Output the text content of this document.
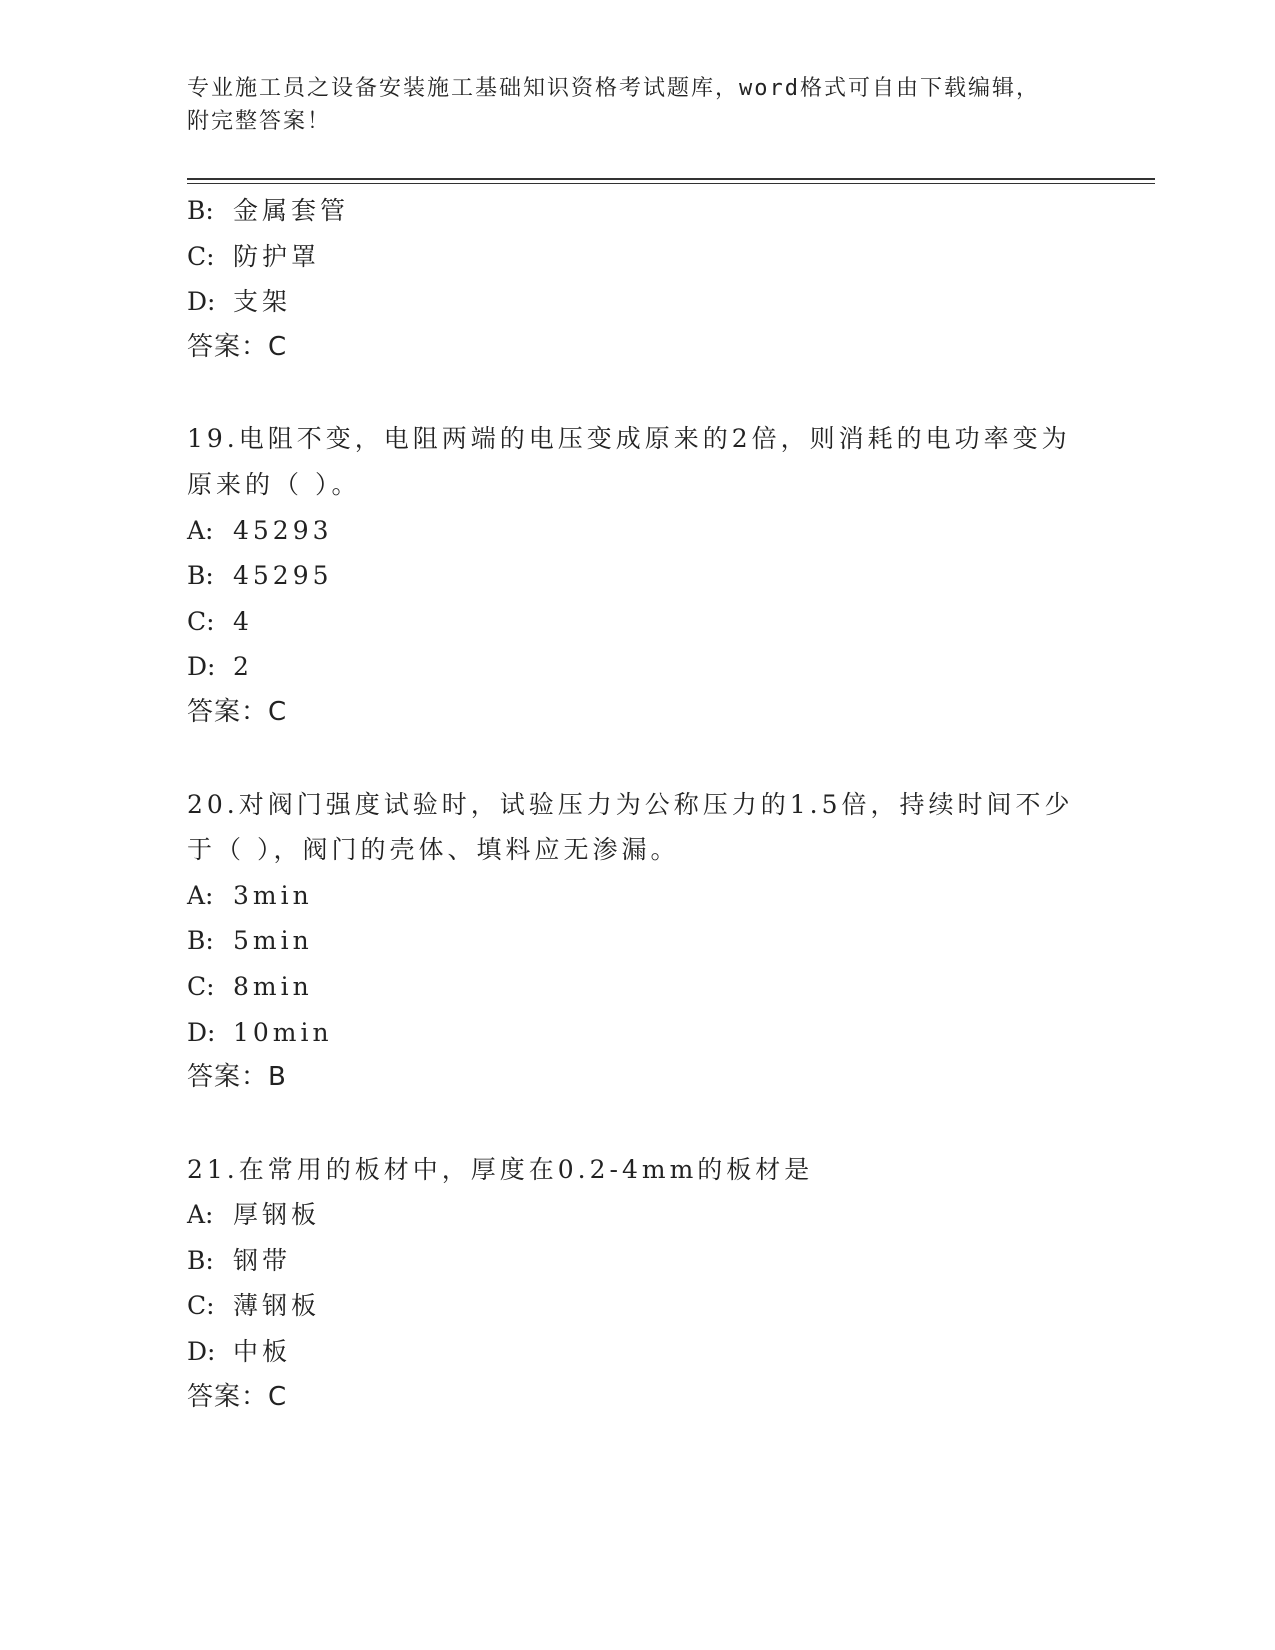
专业施工员之设备安装施工基础知识资格考试题库，word格式可自由下载编辑，
附完整答案！
B: 金属套管
C: 防护罩
D: 支架
答案：C
19.电阻不变，电阻两端的电压变成原来的2倍，则消耗的电功率变为
原来的（ ）。
A: 45293
B: 45295
C: 4
D: 2
答案：C
20.对阀门强度试验时，试验压力为公称压力的1.5倍，持续时间不少
于（ ），阀门的壳体、填料应无渗漏。
A: 3min
B: 5min
C: 8min
D: 10min
答案：B
21.在常用的板材中，厚度在0.2-4mm的板材是
A: 厚钢板
B: 钢带
C: 薄钢板
D: 中板
答案：C
